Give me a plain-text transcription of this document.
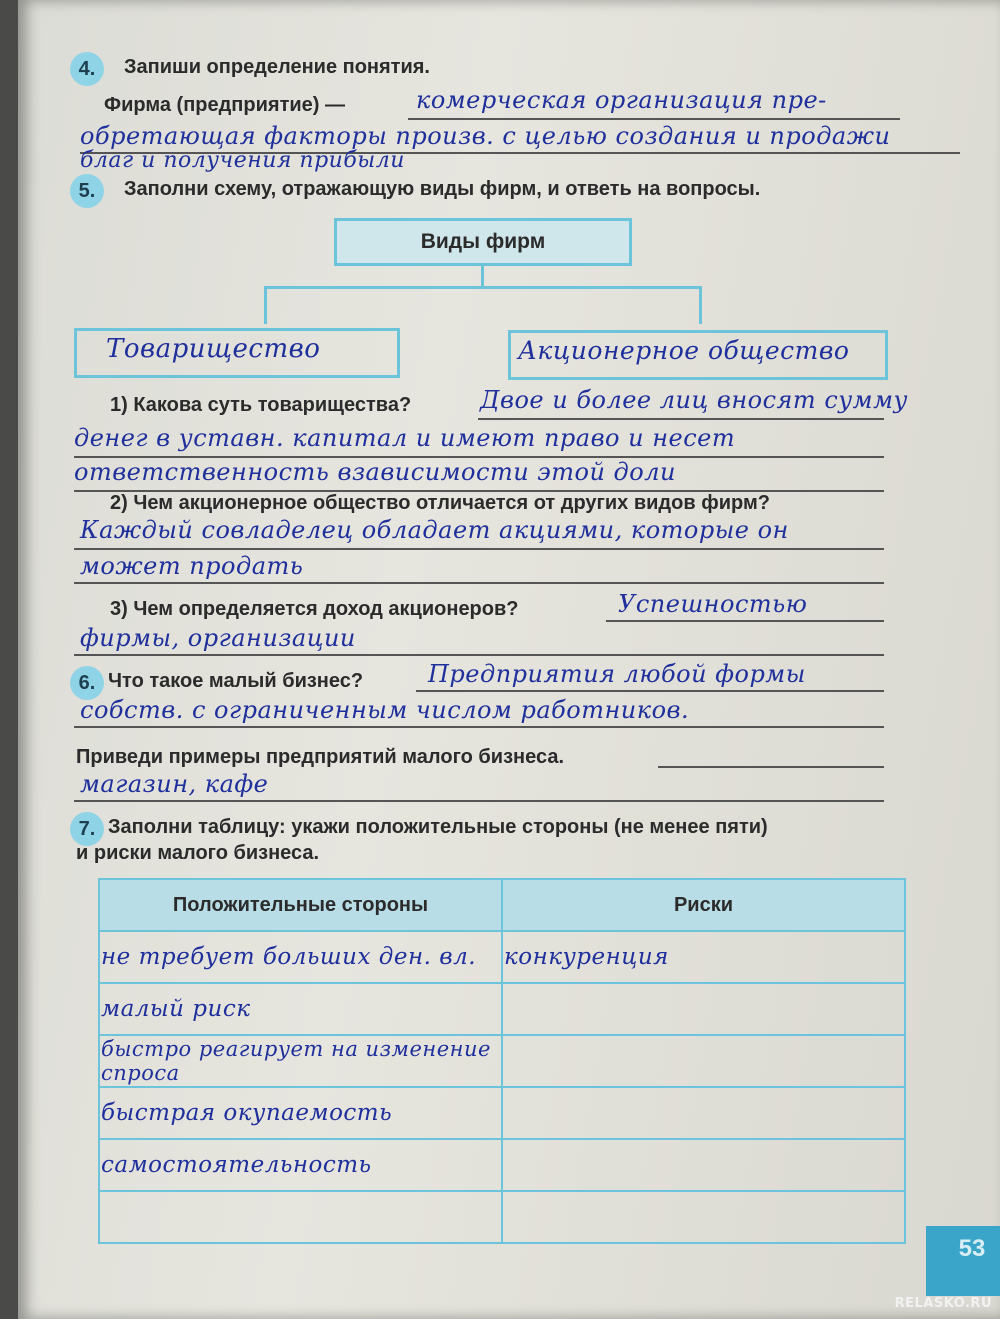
4.	Запиши определение понятия.
Фирма (предприятие) —	комерческая организация пре-
обретающая факторы произв. с целью создания и продажи
благ и получения прибыли
5.	Заполни схему, отражающую виды фирм, и ответь на вопросы.
Виды фирм
Товарищество	Акционерное общество
1) Какова суть товарищества?	Двое и более лиц вносят сумму
денег в уставн. капитал и имеют право и несет
ответственность взависимости этой доли
2) Чем акционерное общество отличается от других видов фирм?
Каждый совладелец обладает акциями, которые он
может продать
3) Чем определяется доход акционеров?	Успешностью
фирмы, организации
6. Что такое малый бизнес?	Предприятия любой формы
собств. с ограниченным числом работников.
Приведи примеры предприятий малого бизнеса.
магазин, кафе
7. Заполни таблицу: укажи положительные стороны (не менее пяти)
и риски малого бизнеса.
Положительные стороны	Риски
не требует больших ден. вл.	конкуренция
малый риск	
быстро реагирует на изменение спроса	
быстрая окупаемость	
самостоятельность	

53
RELASKO.RU
